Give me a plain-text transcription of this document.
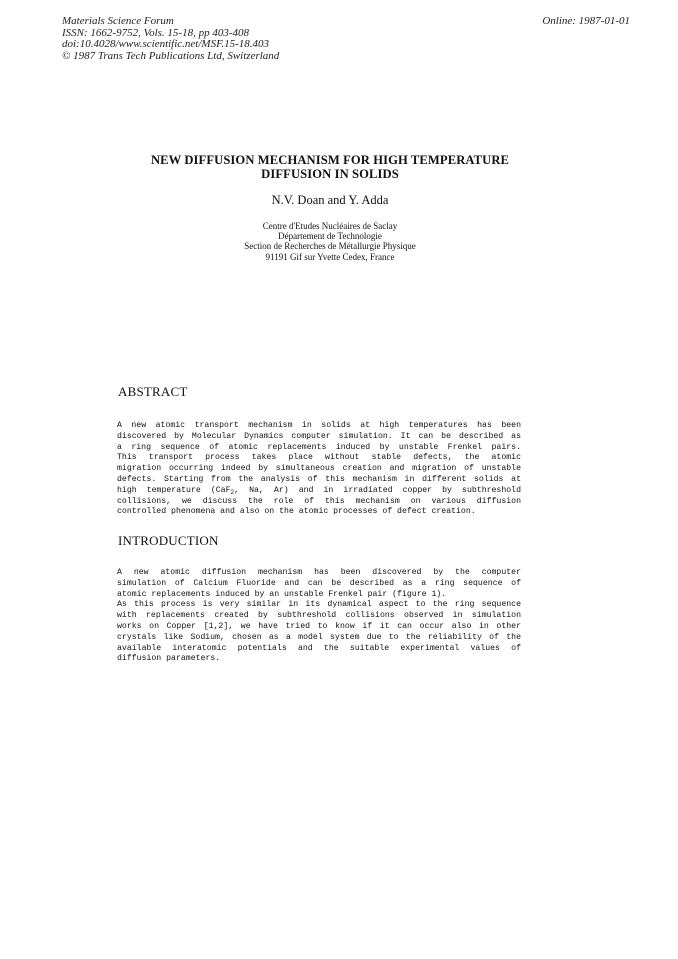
Materials Science Forum
ISSN: 1662-9752, Vols. 15-18, pp 403-408
doi:10.4028/www.scientific.net/MSF.15-18.403
© 1987 Trans Tech Publications Ltd, Switzerland
Online: 1987-01-01
NEW DIFFUSION MECHANISM FOR HIGH TEMPERATURE
DIFFUSION IN SOLIDS
N.V. Doan and Y. Adda
Centre d'Etudes Nucléaires de Saclay
Département de Technologie
Section de Recherches de Métallurgie Physique
91191 Gif sur Yvette Cedex, France
ABSTRACT
A new atomic transport mechanism in solids at high temperatures has been
discovered by Molecular Dynamics computer simulation. It can be described as
a ring sequence of atomic replacements induced by unstable Frenkel pairs.
This transport process takes place without stable defects, the atomic
migration occurring indeed by simultaneous creation and migration of unstable
defects. Starting from the analysis of this mechanism in different solids at
high temperature (CaF$_2$, Na, Ar) and in irradiated copper by subthreshold
collisions, we discuss the role of this mechanism on various diffusion
controlled phenomena and also on the atomic processes of defect creation.
INTRODUCTION
A new atomic diffusion mechanism has been discovered by the computer
simulation of Calcium Fluoride and can be described as a ring sequence of
atomic replacements induced by an unstable Frenkel pair (figure 1).
As this process is very similar in its dynamical aspect to the ring sequence
with replacements created by subthreshold collisions observed in simulation
works on Copper [1,2], we have tried to know if it can occur also in other
crystals like Sodium, chosen as a model system due to the reliability of the
available interatomic potentials and the suitable experimental values of
diffusion parameters.
